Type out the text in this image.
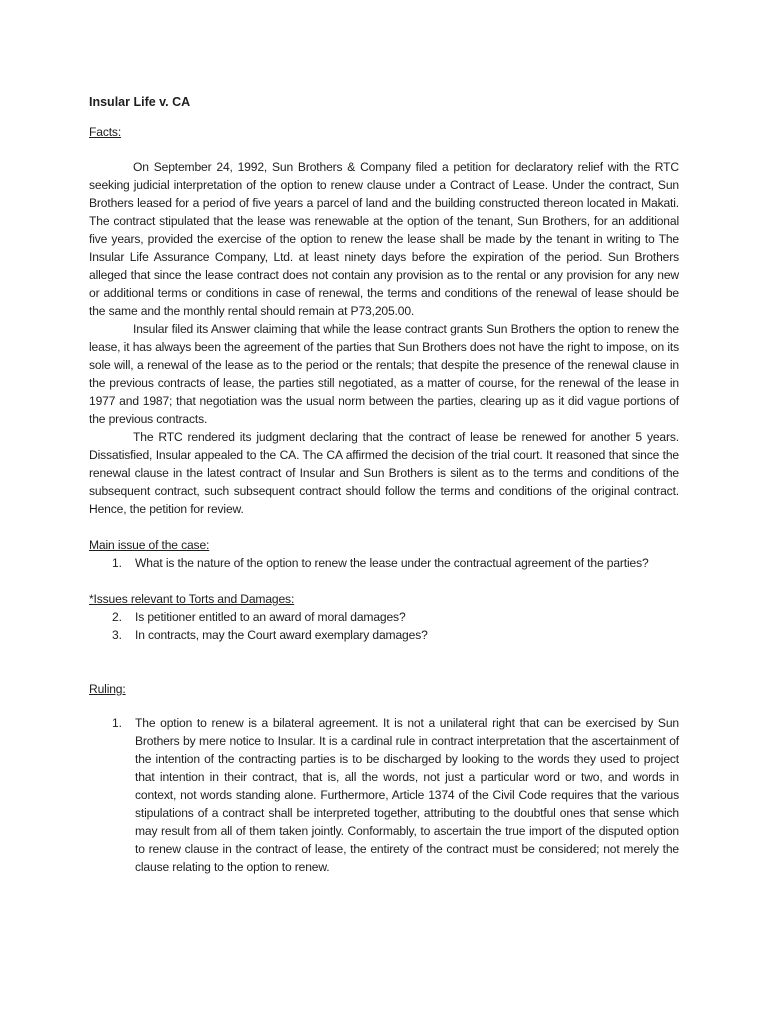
Insular Life v. CA

Facts:

On September 24, 1992, Sun Brothers & Company filed a petition for declaratory relief with the RTC seeking judicial interpretation of the option to renew clause under a Contract of Lease. Under the contract, Sun Brothers leased for a period of five years a parcel of land and the building constructed thereon located in Makati. The contract stipulated that the lease was renewable at the option of the tenant, Sun Brothers, for an additional five years, provided the exercise of the option to renew the lease shall be made by the tenant in writing to The Insular Life Assurance Company, Ltd. at least ninety days before the expiration of the period. Sun Brothers alleged that since the lease contract does not contain any provision as to the rental or any provision for any new or additional terms or conditions in case of renewal, the terms and conditions of the renewal of lease should be the same and the monthly rental should remain at P73,205.00.

Insular filed its Answer claiming that while the lease contract grants Sun Brothers the option to renew the lease, it has always been the agreement of the parties that Sun Brothers does not have the right to impose, on its sole will, a renewal of the lease as to the period or the rentals; that despite the presence of the renewal clause in the previous contracts of lease, the parties still negotiated, as a matter of course, for the renewal of the lease in 1977 and 1987; that negotiation was the usual norm between the parties, clearing up as it did vague portions of the previous contracts.

The RTC rendered its judgment declaring that the contract of lease be renewed for another 5 years. Dissatisfied, Insular appealed to the CA. The CA affirmed the decision of the trial court. It reasoned that since the renewal clause in the latest contract of Insular and Sun Brothers is silent as to the terms and conditions of the subsequent contract, such subsequent contract should follow the terms and conditions of the original contract. Hence, the petition for review.

Main issue of the case:

1. What is the nature of the option to renew the lease under the contractual agreement of the parties?

*Issues relevant to Torts and Damages:

2. Is petitioner entitled to an award of moral damages?
3. In contracts, may the Court award exemplary damages?

Ruling:

1. The option to renew is a bilateral agreement. It is not a unilateral right that can be exercised by Sun Brothers by mere notice to Insular. It is a cardinal rule in contract interpretation that the ascertainment of the intention of the contracting parties is to be discharged by looking to the words they used to project that intention in their contract, that is, all the words, not just a particular word or two, and words in context, not words standing alone. Furthermore, Article 1374 of the Civil Code requires that the various stipulations of a contract shall be interpreted together, attributing to the doubtful ones that sense which may result from all of them taken jointly. Conformably, to ascertain the true import of the disputed option to renew clause in the contract of lease, the entirety of the contract must be considered; not merely the clause relating to the option to renew.
